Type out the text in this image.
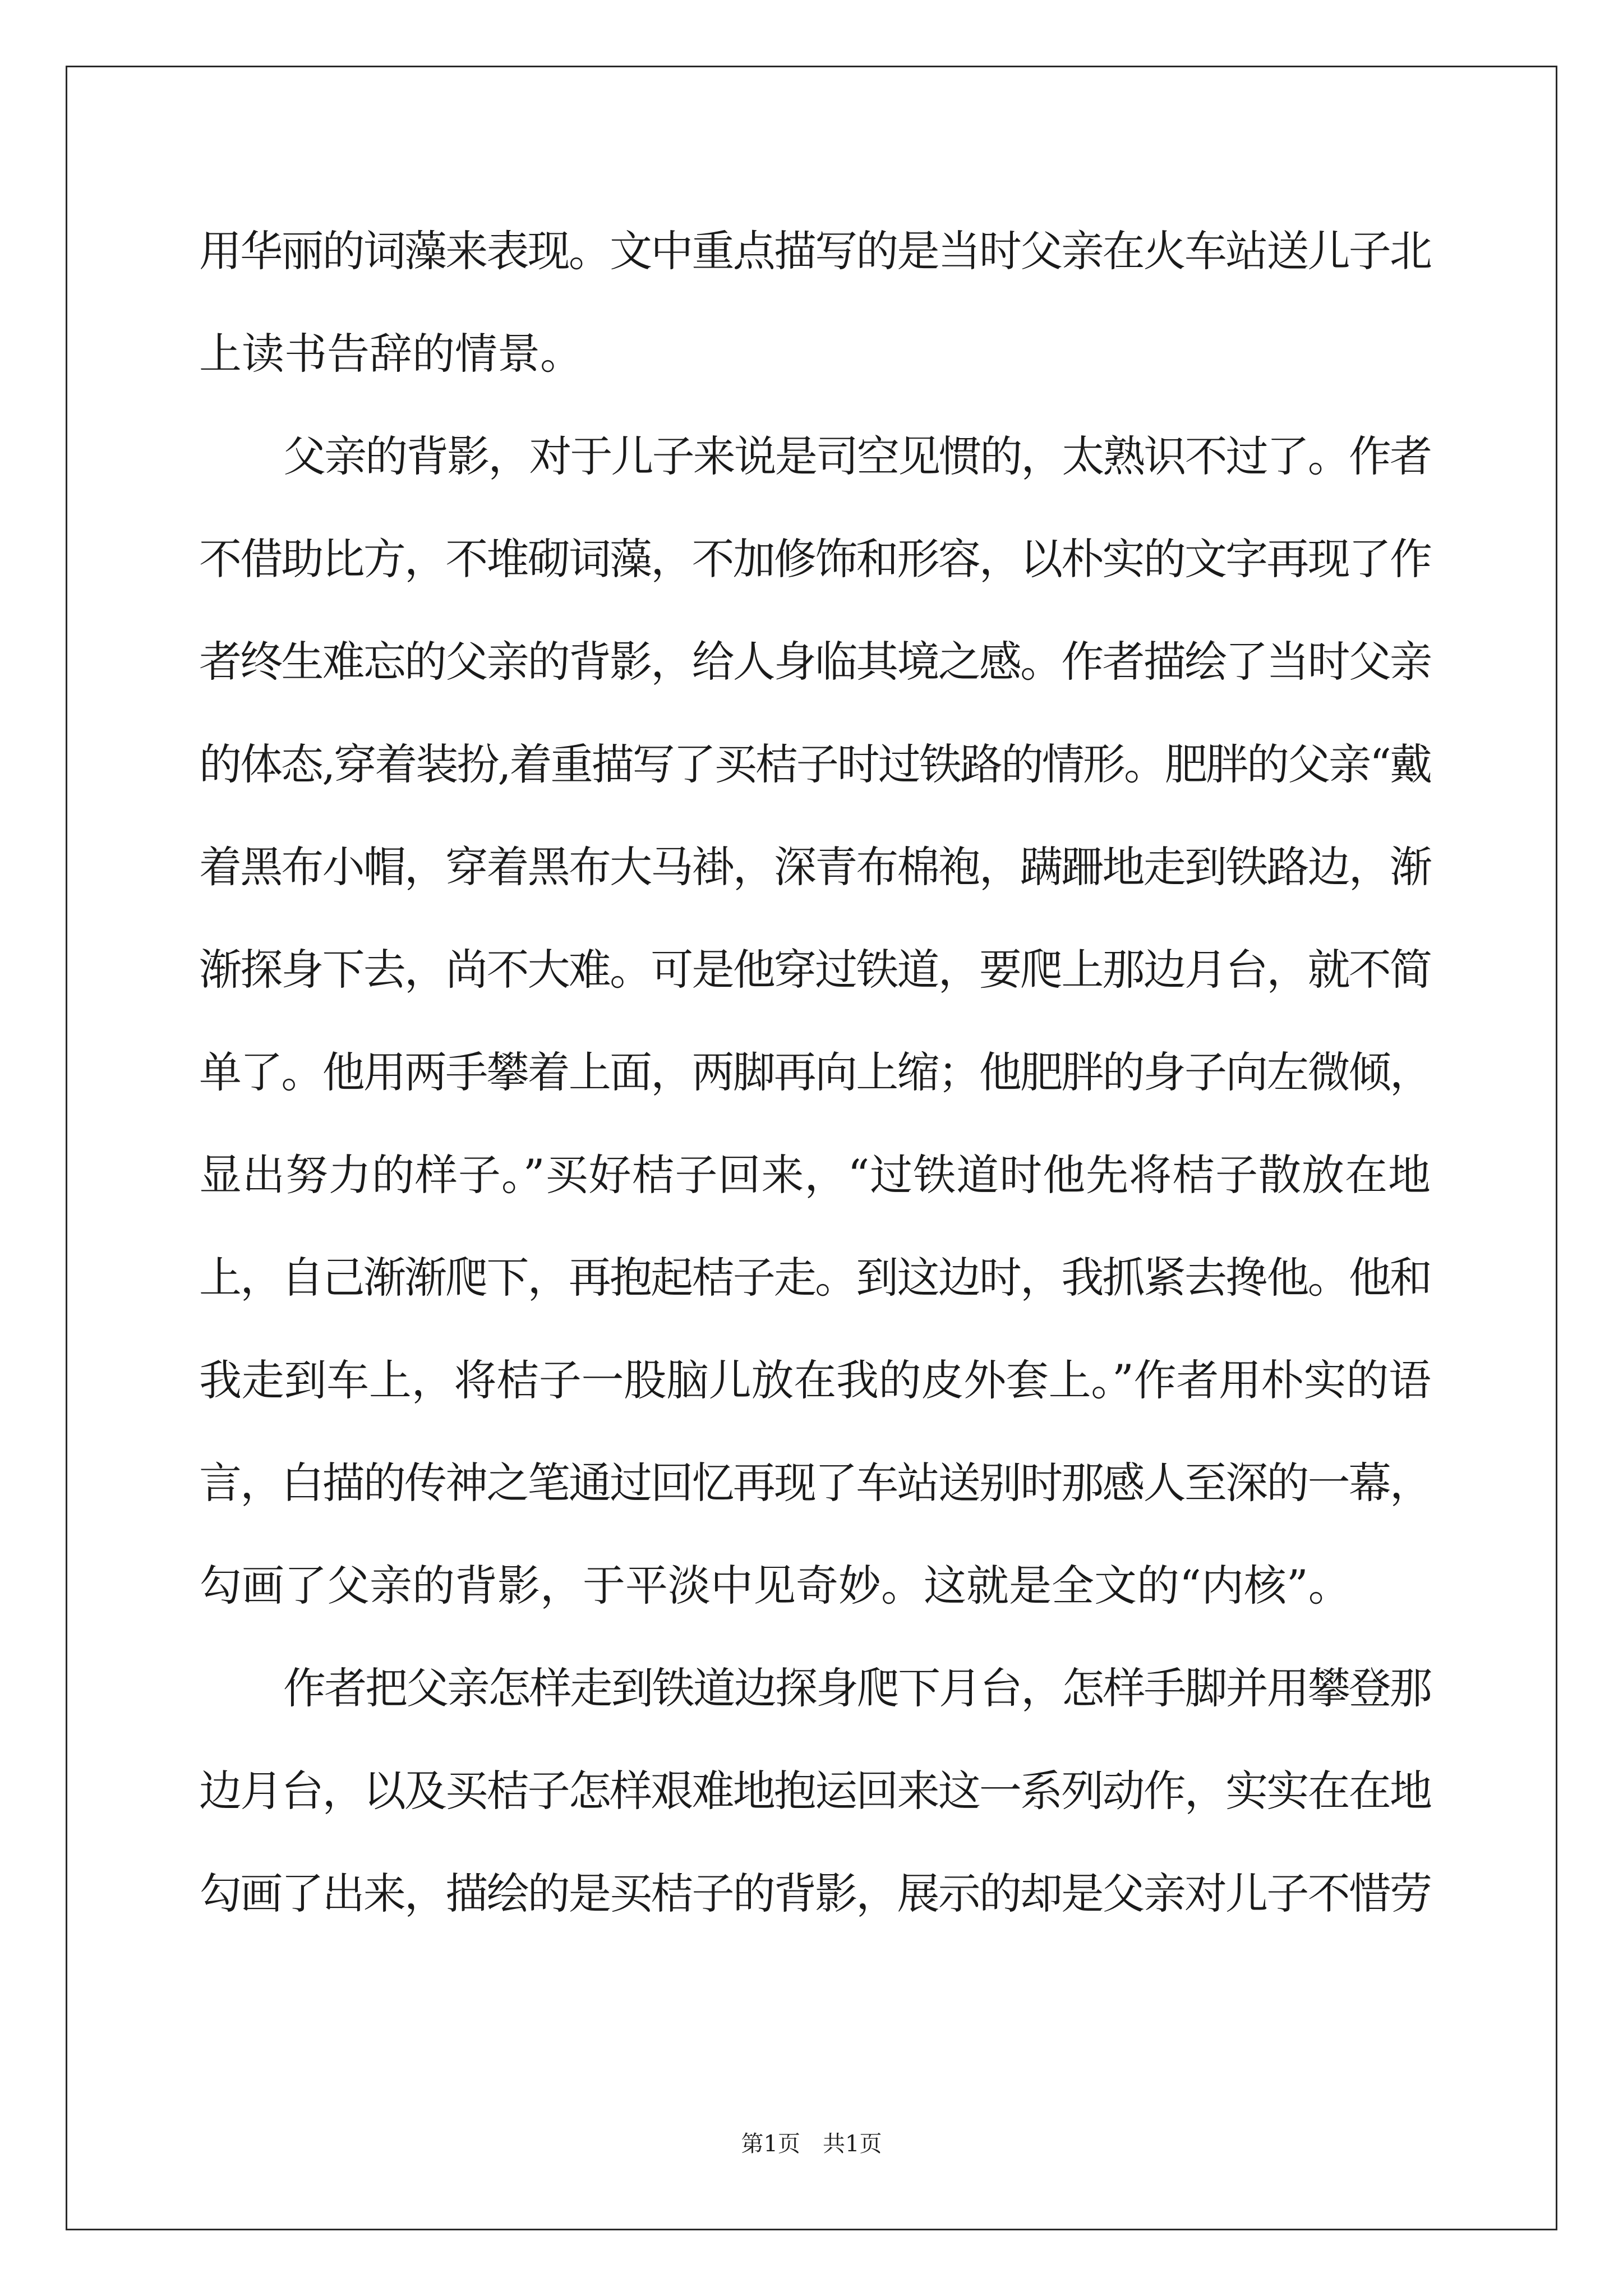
用华丽的词藻来表现。文中重点描写的是当时父亲在火车站送儿子北
上读书告辞的情景。
父亲的背影，对于儿子来说是司空见惯的，太熟识不过了。作者
不借助比方，不堆砌词藻，不加修饰和形容，以朴实的文字再现了作
者终生难忘的父亲的背影，给人身临其境之感。作者描绘了当时父亲
的体态,穿着装扮,着重描写了买桔子时过铁路的情形。肥胖的父亲“戴
着黑布小帽，穿着黑布大马褂，深青布棉袍，蹒跚地走到铁路边，渐
渐探身下去，尚不大难。可是他穿过铁道，要爬上那边月台，就不简
单了。他用两手攀着上面，两脚再向上缩；他肥胖的身子向左微倾，
显出努力的样子。”买好桔子回来，“过铁道时他先将桔子散放在地
上，自己渐渐爬下，再抱起桔子走。到这边时，我抓紧去搀他。他和
我走到车上，将桔子一股脑儿放在我的皮外套上。”作者用朴实的语
言，白描的传神之笔通过回忆再现了车站送别时那感人至深的一幕，
勾画了父亲的背影，于平淡中见奇妙。这就是全文的“内核”。
作者把父亲怎样走到铁道边探身爬下月台，怎样手脚并用攀登那
边月台，以及买桔子怎样艰难地抱运回来这一系列动作，实实在在地
勾画了出来，描绘的是买桔子的背影，展示的却是父亲对儿子不惜劳
第1页 共1页
